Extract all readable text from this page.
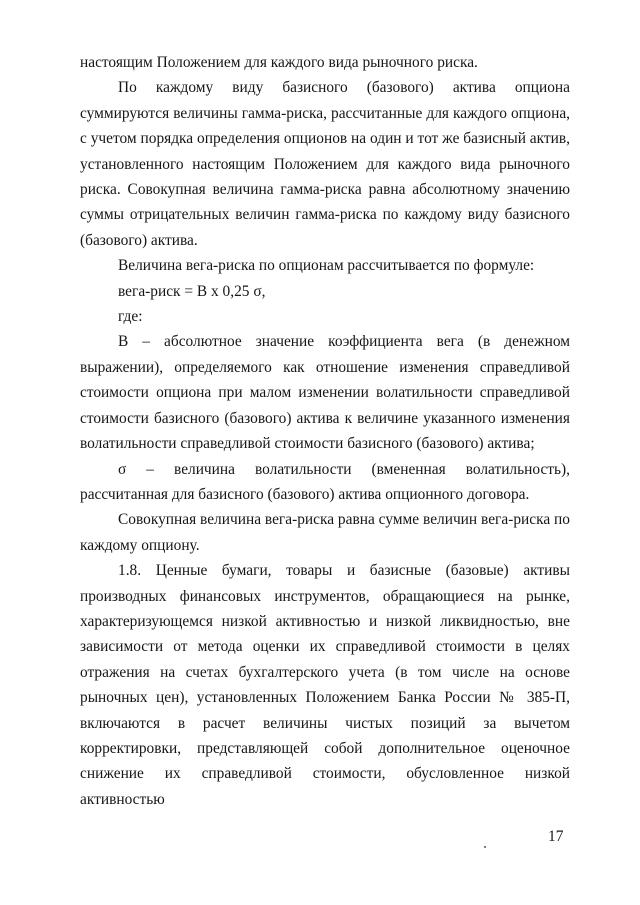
настоящим Положением для каждого вида рыночного риска.

По каждому виду базисного (базового) актива опциона суммируются величины гамма-риска, рассчитанные для каждого опциона, с учетом порядка определения опционов на один и тот же базисный актив, установленного настоящим Положением для каждого вида рыночного риска. Совокупная величина гамма-риска равна абсолютному значению суммы отрицательных величин гамма-риска по каждому виду базисного (базового) актива.

Величина вега-риска по опционам рассчитывается по формуле:

вега-риск = В х 0,25 σ,

где:

В – абсолютное значение коэффициента вега (в денежном выражении), определяемого как отношение изменения справедливой стоимости опциона при малом изменении волатильности справедливой стоимости базисного (базового) актива к величине указанного изменения волатильности справедливой стоимости базисного (базового) актива;

σ – величина волатильности (вмененная волатильность), рассчитанная для базисного (базового) актива опционного договора.

Совокупная величина вега-риска равна сумме величин вега-риска по каждому опциону.

1.8. Ценные бумаги, товары и базисные (базовые) активы производных финансовых инструментов, обращающиеся на рынке, характеризующемся низкой активностью и низкой ликвидностью, вне зависимости от метода оценки их справедливой стоимости в целях отражения на счетах бухгалтерского учета (в том числе на основе рыночных цен), установленных Положением Банка России № 385-П, включаются в расчет величины чистых позиций за вычетом корректировки, представляющей собой дополнительное оценочное снижение их справедливой стоимости, обусловленное низкой активностью

17
